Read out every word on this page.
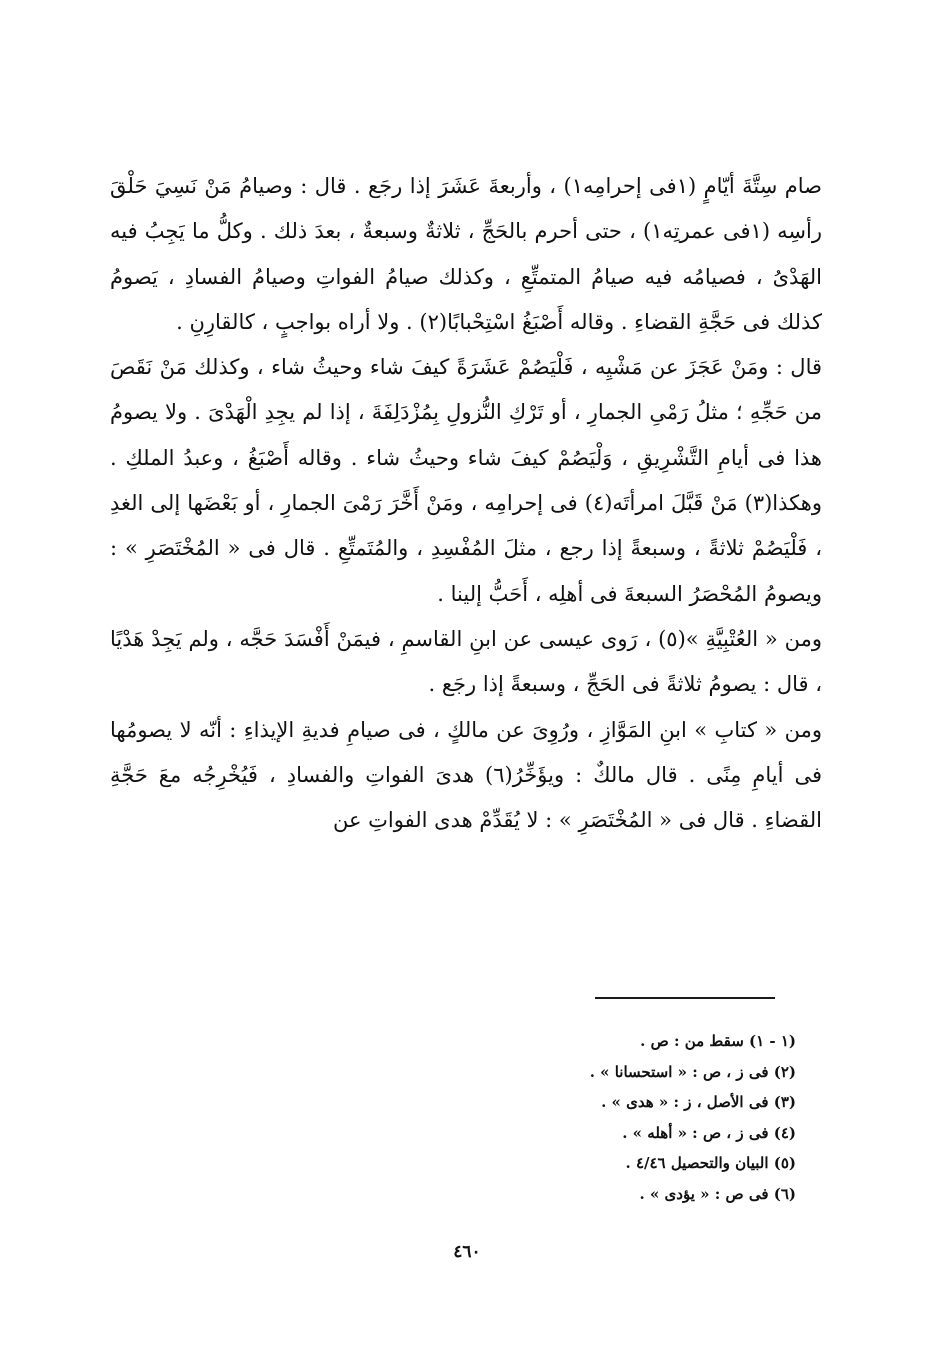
صام سِتَّةَ أيّامٍ (١فى إحرامِه١) ، وأربعةَ عَشَرَ إذا رجَع . قال : وصيامُ مَنْ نَسِيَ حَلْقَ رأسِه (١فى عمرتِه١) ، حتى أحرم بالحَجِّ ، ثلاثةٌ وسبعةٌ ، بعدَ ذلك . وكلُّ ما يَجِبُ فيه الهَدْىُ ، فصيامُه فيه صيامُ المتمتِّعِ ، وكذلك صيامُ الفواتِ وصيامُ الفسادِ ، يَصومُ كذلك فى حَجَّةِ القضاءِ . وقاله أَصْبَغُ اسْتِحْبابًا(٢) . ولا أراه بواجبٍ ، كالقارِنِ .

قال : ومَنْ عَجَزَ عن مَشْيِه ، فَلْيَصُمْ عَشَرَةً كيفَ شاء وحيثُ شاء ، وكذلك مَنْ نَقَصَ من حَجِّهِ ؛ مثلُ رَمْىِ الجمارِ ، أو تَرْكِ النُّزولِ بِمُزْدَلِفَةَ ، إذا لم يجِدِ الْهَدْىَ . ولا يصومُ هذا فى أيامِ التَّشْرِيقِ ، وَلْيَصُمْ كيفَ شاء وحيثُ شاء . وقاله أَصْبَغُ ، وعبدُ الملكِ . وهكذا(٣) مَنْ قَبَّلَ امرأتَه(٤) فى إحرامِه ، ومَنْ أَخَّرَ رَمْىَ الجمارِ ، أو بَعْضَها إلى الغدِ ، فَلْيَصُمْ ثلاثةً ، وسبعةً إذا رجع ، مثلَ المُفْسِدِ ، والمُتَمتِّعِ . قال فى « المُخْتَصَرِ » : ويصومُ المُحْصَرُ السبعةَ فى أهلِه ، أَحَبُّ إلينا .

ومن « العُتْبِيَّةِ »(٥) ، رَوى عيسى عن ابنِ القاسمِ ، فيمَنْ أَفْسَدَ حَجَّه ، ولم يَجِدْ هَدْيًا ، قال : يصومُ ثلاثةً فى الحَجِّ ، وسبعةً إذا رجَع .

ومن « كتابِ » ابنِ المَوَّازِ ، ورُوِىَ عن مالكٍ ، فى صيامِ فديةِ الإيذاءِ : أنّه لا يصومُها فى أيامِ مِنًى . قال مالكٌ : ويؤَخِّرُ(٦) هدىَ الفواتِ والفسادِ ، فَيُخْرِجُه معَ حَجَّةِ القضاءِ . قال فى « المُخْتَصَرِ » : لا يُقَدِّمْ هدى الفواتِ عن

(١ - ١) سقط من : ص .
(٢) فى ز ، ص : « استحسانا » .
(٣) فى الأصل ، ز : « هدى » .
(٤) فى ز ، ص : « أهله » .
(٥) البيان والتحصيل ٤/٤٦ .
(٦) فى ص : « يؤدى » .
٤٦٠
